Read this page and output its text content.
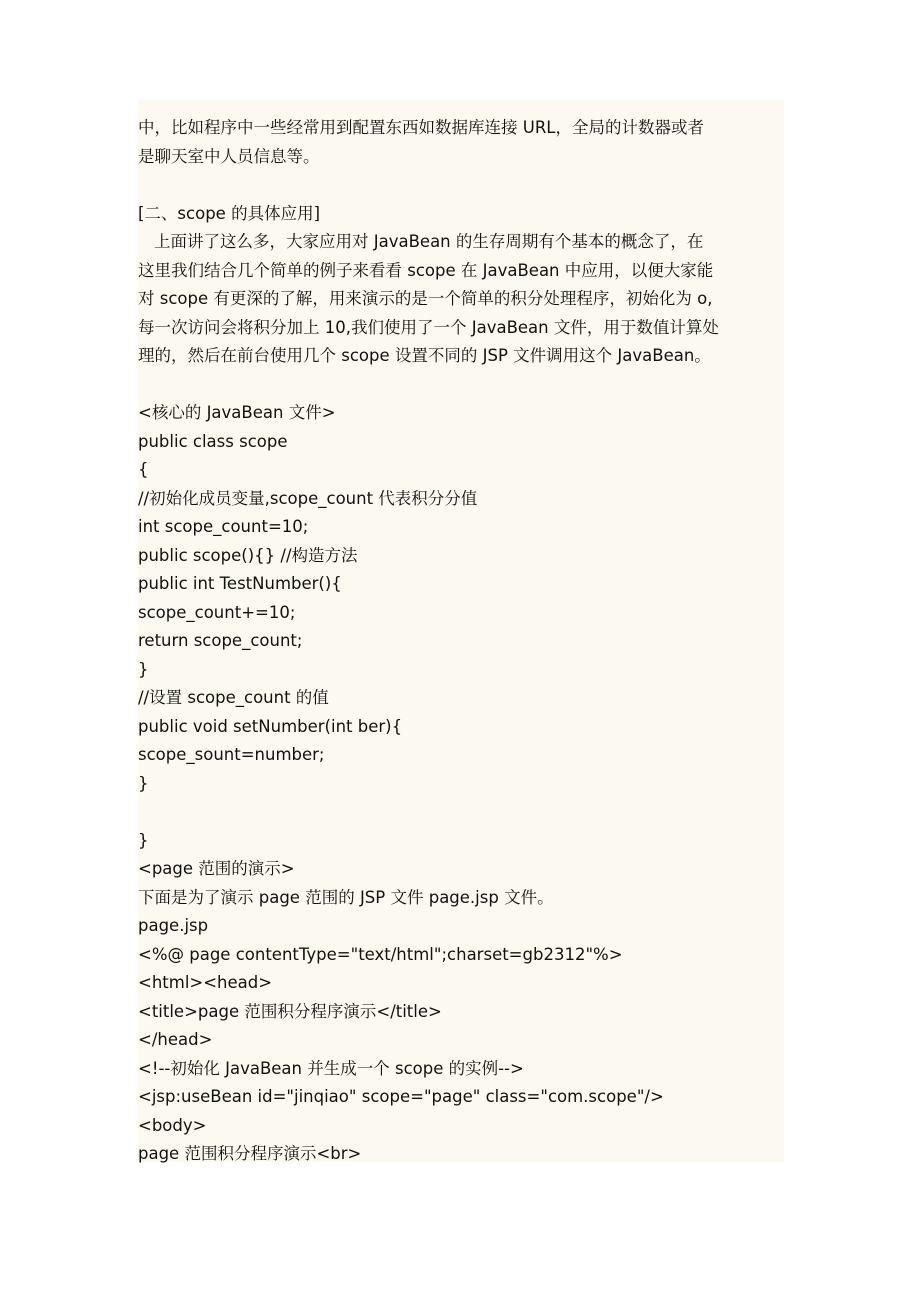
中，比如程序中一些经常用到配置东西如数据库连接 URL，全局的计数器或者
是聊天室中人员信息等。
[二、scope 的具体应用]
上面讲了这么多，大家应用对 JavaBean 的生存周期有个基本的概念了，在
这里我们结合几个简单的例子来看看 scope 在 JavaBean 中应用，以便大家能
对 scope 有更深的了解，用来演示的是一个简单的积分处理程序，初始化为 o,
每一次访问会将积分加上 10,我们使用了一个 JavaBean 文件，用于数值计算处
理的，然后在前台使用几个 scope 设置不同的 JSP 文件调用这个 JavaBean。
<核心的 JavaBean 文件>
public class scope
{
//初始化成员变量,scope_count 代表积分分值
int scope_count=10;
public scope(){} //构造方法
public int TestNumber(){
scope_count+=10;
return scope_count;
}
//设置 scope_count 的值
public void setNumber(int ber){
scope_sount=number;
}
}
<page 范围的演示>
下面是为了演示 page 范围的 JSP 文件 page.jsp 文件。
page.jsp
<%@ page contentType="text/html";charset=gb2312"%>
<html><head>
<title>page 范围积分程序演示</title>
</head>
<!--初始化 JavaBean 并生成一个 scope 的实例-->
<jsp:useBean id="jinqiao" scope="page" class="com.scope"/>
<body>
page 范围积分程序演示<br>
